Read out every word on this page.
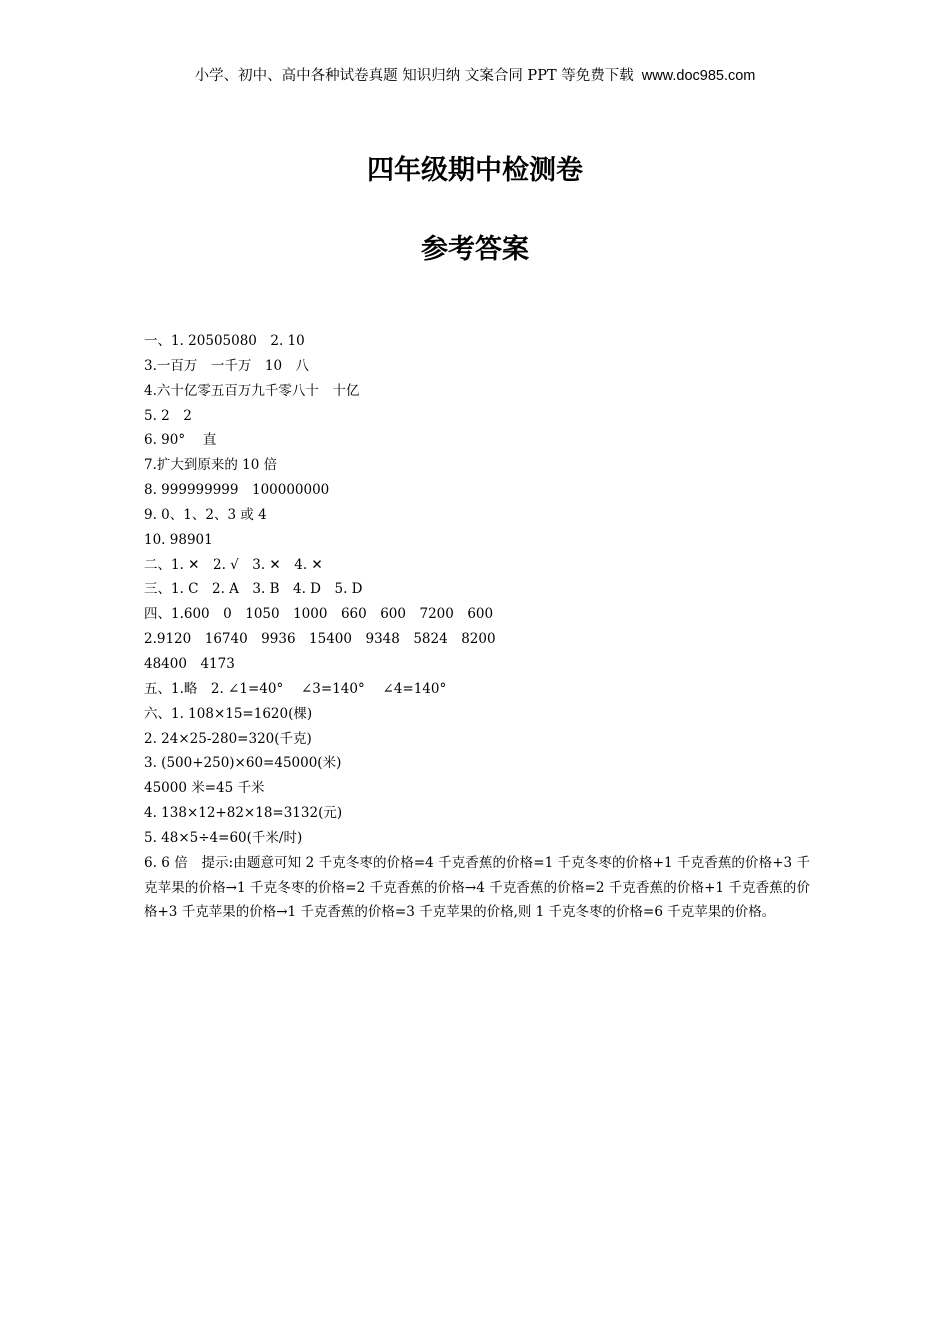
小学、初中、高中各种试卷真题 知识归纳 文案合同 PPT 等免费下载 www.doc985.com
四年级期中检测卷
参考答案
一、1. 20505080　2. 10
3.一百万　一千万　10　八
4.六十亿零五百万九千零八十　十亿
5. 2　2
6. 90°　 直
7.扩大到原来的 10 倍
8. 999999999　100000000
9. 0、1、2、3 或 4
10. 98901
二、1. ✕　2. √　3. ✕　4. ✕
三、1. C　2. A　3. B　4. D　5. D
四、1.600　0　1050　1000　660　600　7200　600
2.9120　16740　9936　15400　9348　5824　8200
48400　4173
五、1.略　2. ∠1=40°　 ∠3=140°　 ∠4=140°
六、1. 108×15=1620(棵)
2. 24×25-280=320(千克)
3. (500+250)×60=45000(米)
45000 米=45 千米
4. 138×12+82×18=3132(元)
5. 48×5÷4=60(千米/时)
6. 6 倍　提示:由题意可知 2 千克冬枣的价格=4 千克香蕉的价格=1 千克冬枣的价格+1 千克香蕉的价格+3 千克苹果的价格→1 千克冬枣的价格=2 千克香蕉的价格→4 千克香蕉的价格=2 千克香蕉的价格+1 千克香蕉的价格+3 千克苹果的价格→1 千克香蕉的价格=3 千克苹果的价格,则 1 千克冬枣的价格=6 千克苹果的价格。
